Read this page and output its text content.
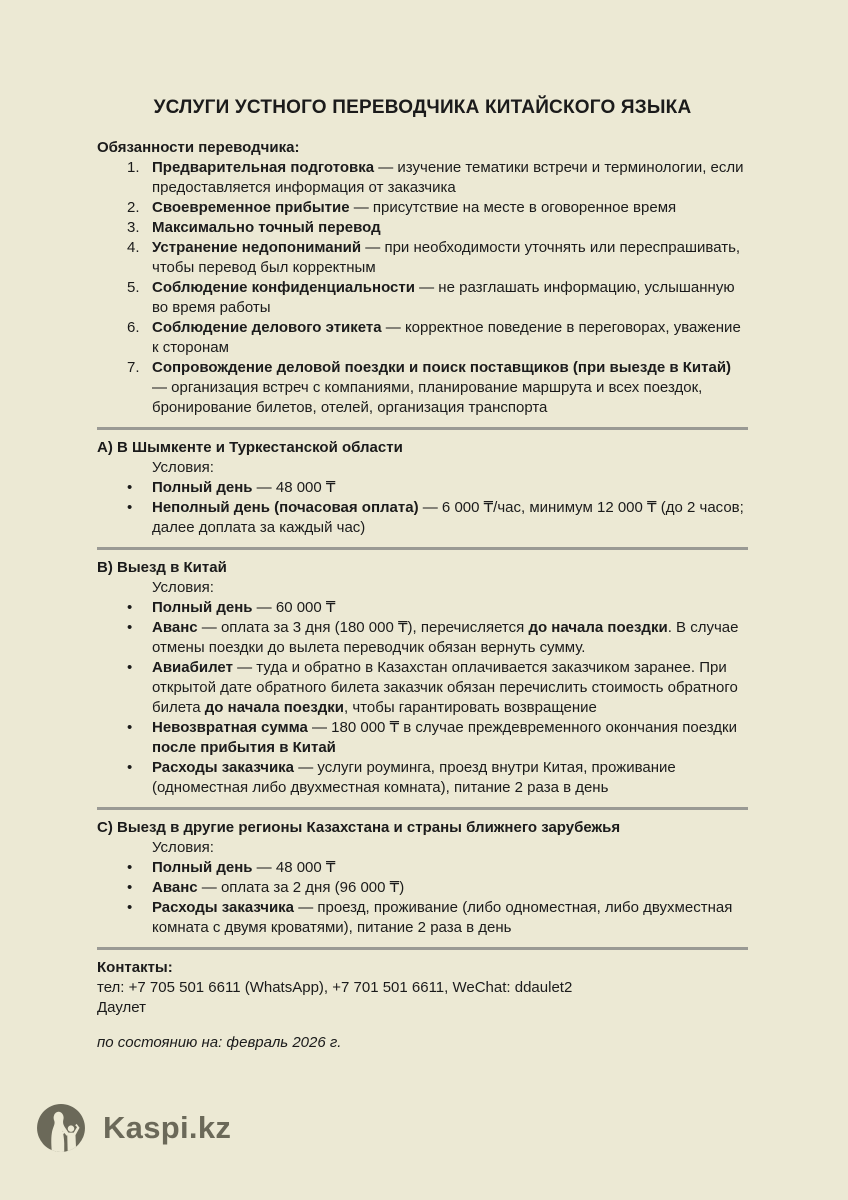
УСЛУГИ УСТНОГО ПЕРЕВОДЧИКА КИТАЙСКОГО ЯЗЫКА
Обязанности переводчика:
1. Предварительная подготовка — изучение тематики встречи и терминологии, если предоставляется информация от заказчика
2. Своевременное прибытие — присутствие на месте в оговоренное время
3. Максимально точный перевод
4. Устранение недопониманий — при необходимости уточнять или переспрашивать, чтобы перевод был корректным
5. Соблюдение конфиденциальности — не разглашать информацию, услышанную во время работы
6. Соблюдение делового этикета — корректное поведение в переговорах, уважение к сторонам
7. Сопровождение деловой поездки и поиск поставщиков (при выезде в Китай) — организация встреч с компаниями, планирование маршрута и всех поездок, бронирование билетов, отелей, организация транспорта
A) В Шымкенте и Туркестанской области
Условия:
•	Полный день — 48 000 ₸
•	Неполный день (почасовая оплата) — 6 000 ₸/час, минимум 12 000 ₸ (до 2 часов; далее доплата за каждый час)
B) Выезд в Китай
Условия:
•	Полный день — 60 000 ₸
•	Аванс — оплата за 3 дня (180 000 ₸), перечисляется до начала поездки. В случае отмены поездки до вылета переводчик обязан вернуть сумму.
•	Авиабилет — туда и обратно в Казахстан оплачивается заказчиком заранее. При открытой дате обратного билета заказчик обязан перечислить стоимость обратного билета до начала поездки, чтобы гарантировать возвращение
•	Невозвратная сумма — 180 000 ₸ в случае преждевременного окончания поездки после прибытия в Китай
•	Расходы заказчика — услуги роуминга, проезд внутри Китая, проживание (одноместная либо двухместная комната), питание 2 раза в день
C) Выезд в другие регионы Казахстана и страны ближнего зарубежья
Условия:
•	Полный день — 48 000 ₸
•	Аванс — оплата за 2 дня (96 000 ₸)
•	Расходы заказчика — проезд, проживание (либо одноместная, либо двухместная комната с двумя кроватями), питание 2 раза в день
Контакты:
тел: +7 705 501 6611 (WhatsApp), +7 701 501 6611, WeChat: ddaulet2
Даулет
по состоянию на: февраль 2026 г.
Kaspi.kz
